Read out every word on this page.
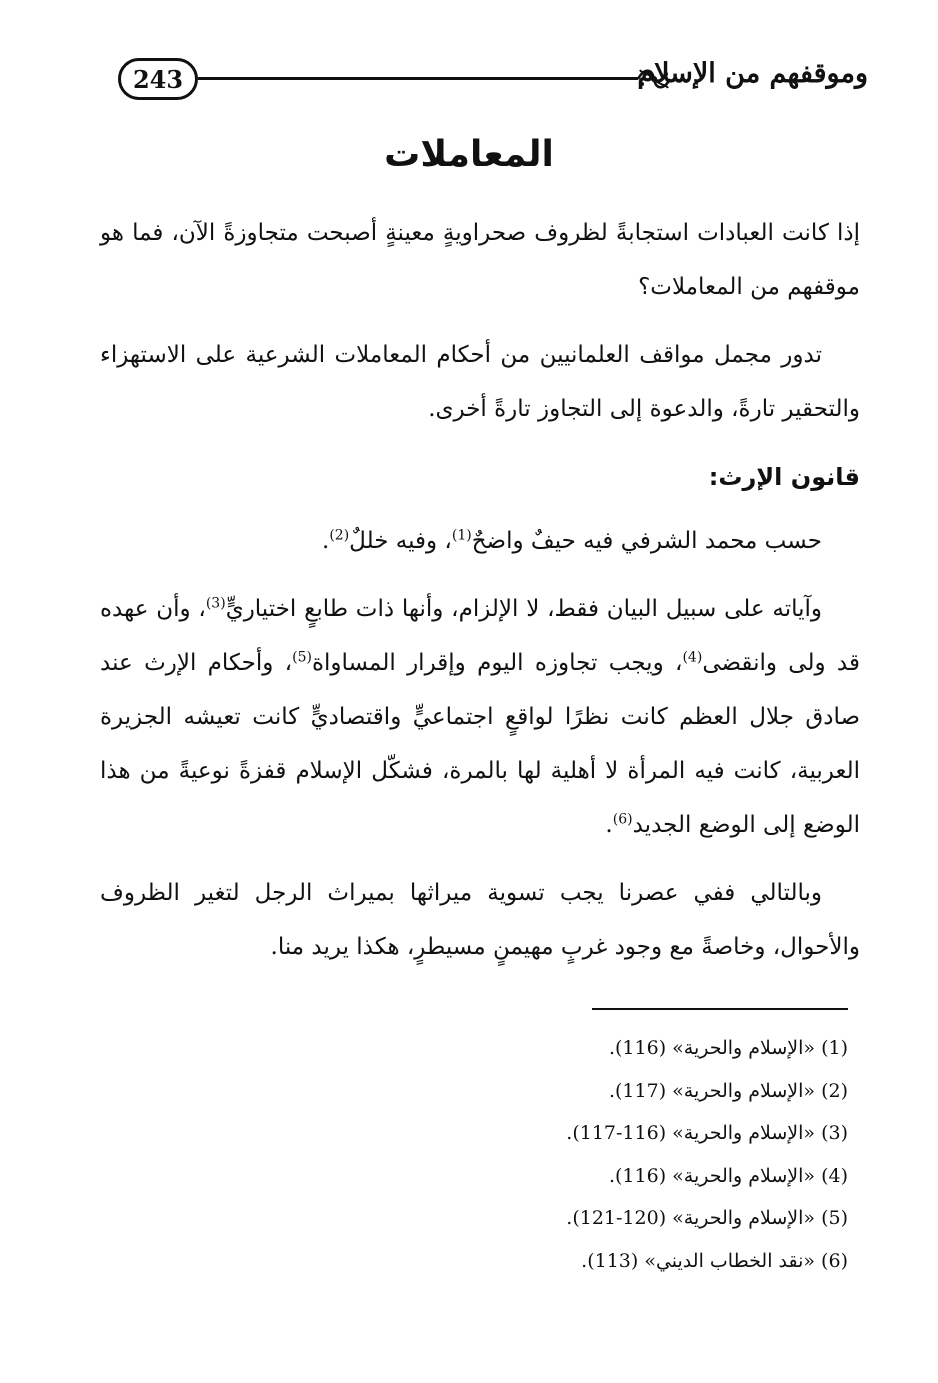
243	وموقفهم من الإسلام
المعاملات

إذا كانت العبادات استجابةً لظروف صحراويةٍ معينةٍ أصبحت متجاوزةً الآن، فما هو موقفهم من المعاملات؟

تدور مجمل مواقف العلمانيين من أحكام المعاملات الشرعية على الاستهزاء والتحقير تارةً، والدعوة إلى التجاوز تارةً أخرى.

قانون الإرث:

حسب محمد الشرفي فيه حيفٌ واضحٌ$^{(1)}$، وفيه خللٌ$^{(2)}$.

وآياته على سبيل البيان فقط، لا الإلزام، وأنها ذات طابعٍ اختياريٍّ$^{(3)}$، وأن عهده قد ولى وانقضى$^{(4)}$، ويجب تجاوزه اليوم وإقرار المساواة$^{(5)}$، وأحكام الإرث عند صادق جلال العظم كانت نظرًا لواقعٍ اجتماعيٍّ واقتصاديٍّ كانت تعيشه الجزيرة العربية، كانت فيه المرأة لا أهلية لها بالمرة، فشكّل الإسلام قفزةً نوعيةً من هذا الوضع إلى الوضع الجديد$^{(6)}$.

وبالتالي ففي عصرنا يجب تسوية ميراثها بميراث الرجل لتغير الظروف والأحوال، وخاصةً مع وجود غربٍ مهيمنٍ مسيطرٍ، هكذا يريد منا.

(1) «الإسلام والحرية» (116).
(2) «الإسلام والحرية» (117).
(3) «الإسلام والحرية» (116-117).
(4) «الإسلام والحرية» (116).
(5) «الإسلام والحرية» (120-121).
(6) «نقد الخطاب الديني» (113).
